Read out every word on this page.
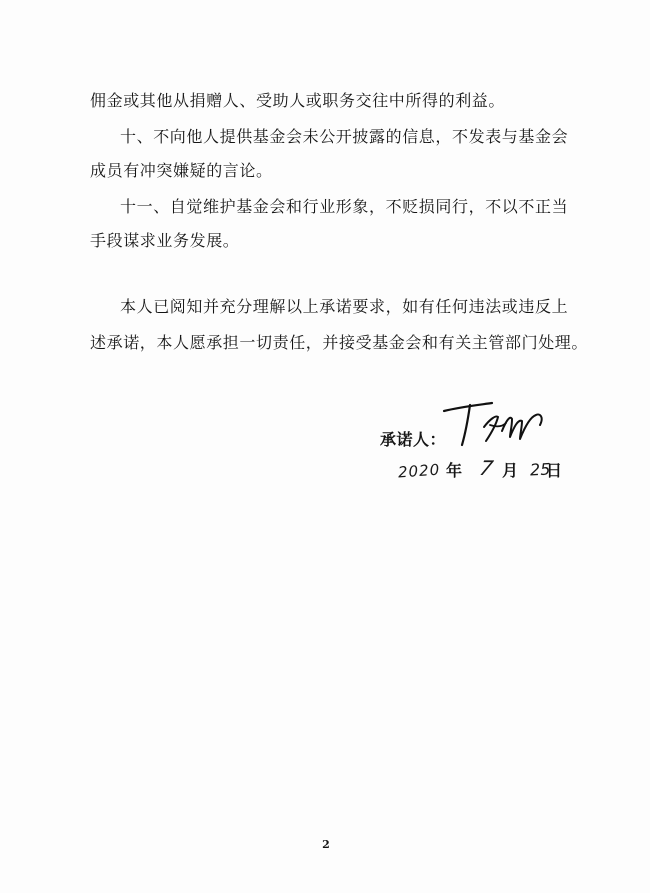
佣金或其他从捐赠人、受助人或职务交往中所得的利益。
十、不向他人提供基金会未公开披露的信息，不发表与基金会
成员有冲突嫌疑的言论。
十一、自觉维护基金会和行业形象，不贬损同行，不以不正当
手段谋求业务发展。
本人已阅知并充分理解以上承诺要求，如有任何违法或违反上
述承诺，本人愿承担一切责任，并接受基金会和有关主管部门处理。
承诺人：
2020 年 7 月 25
日
2
